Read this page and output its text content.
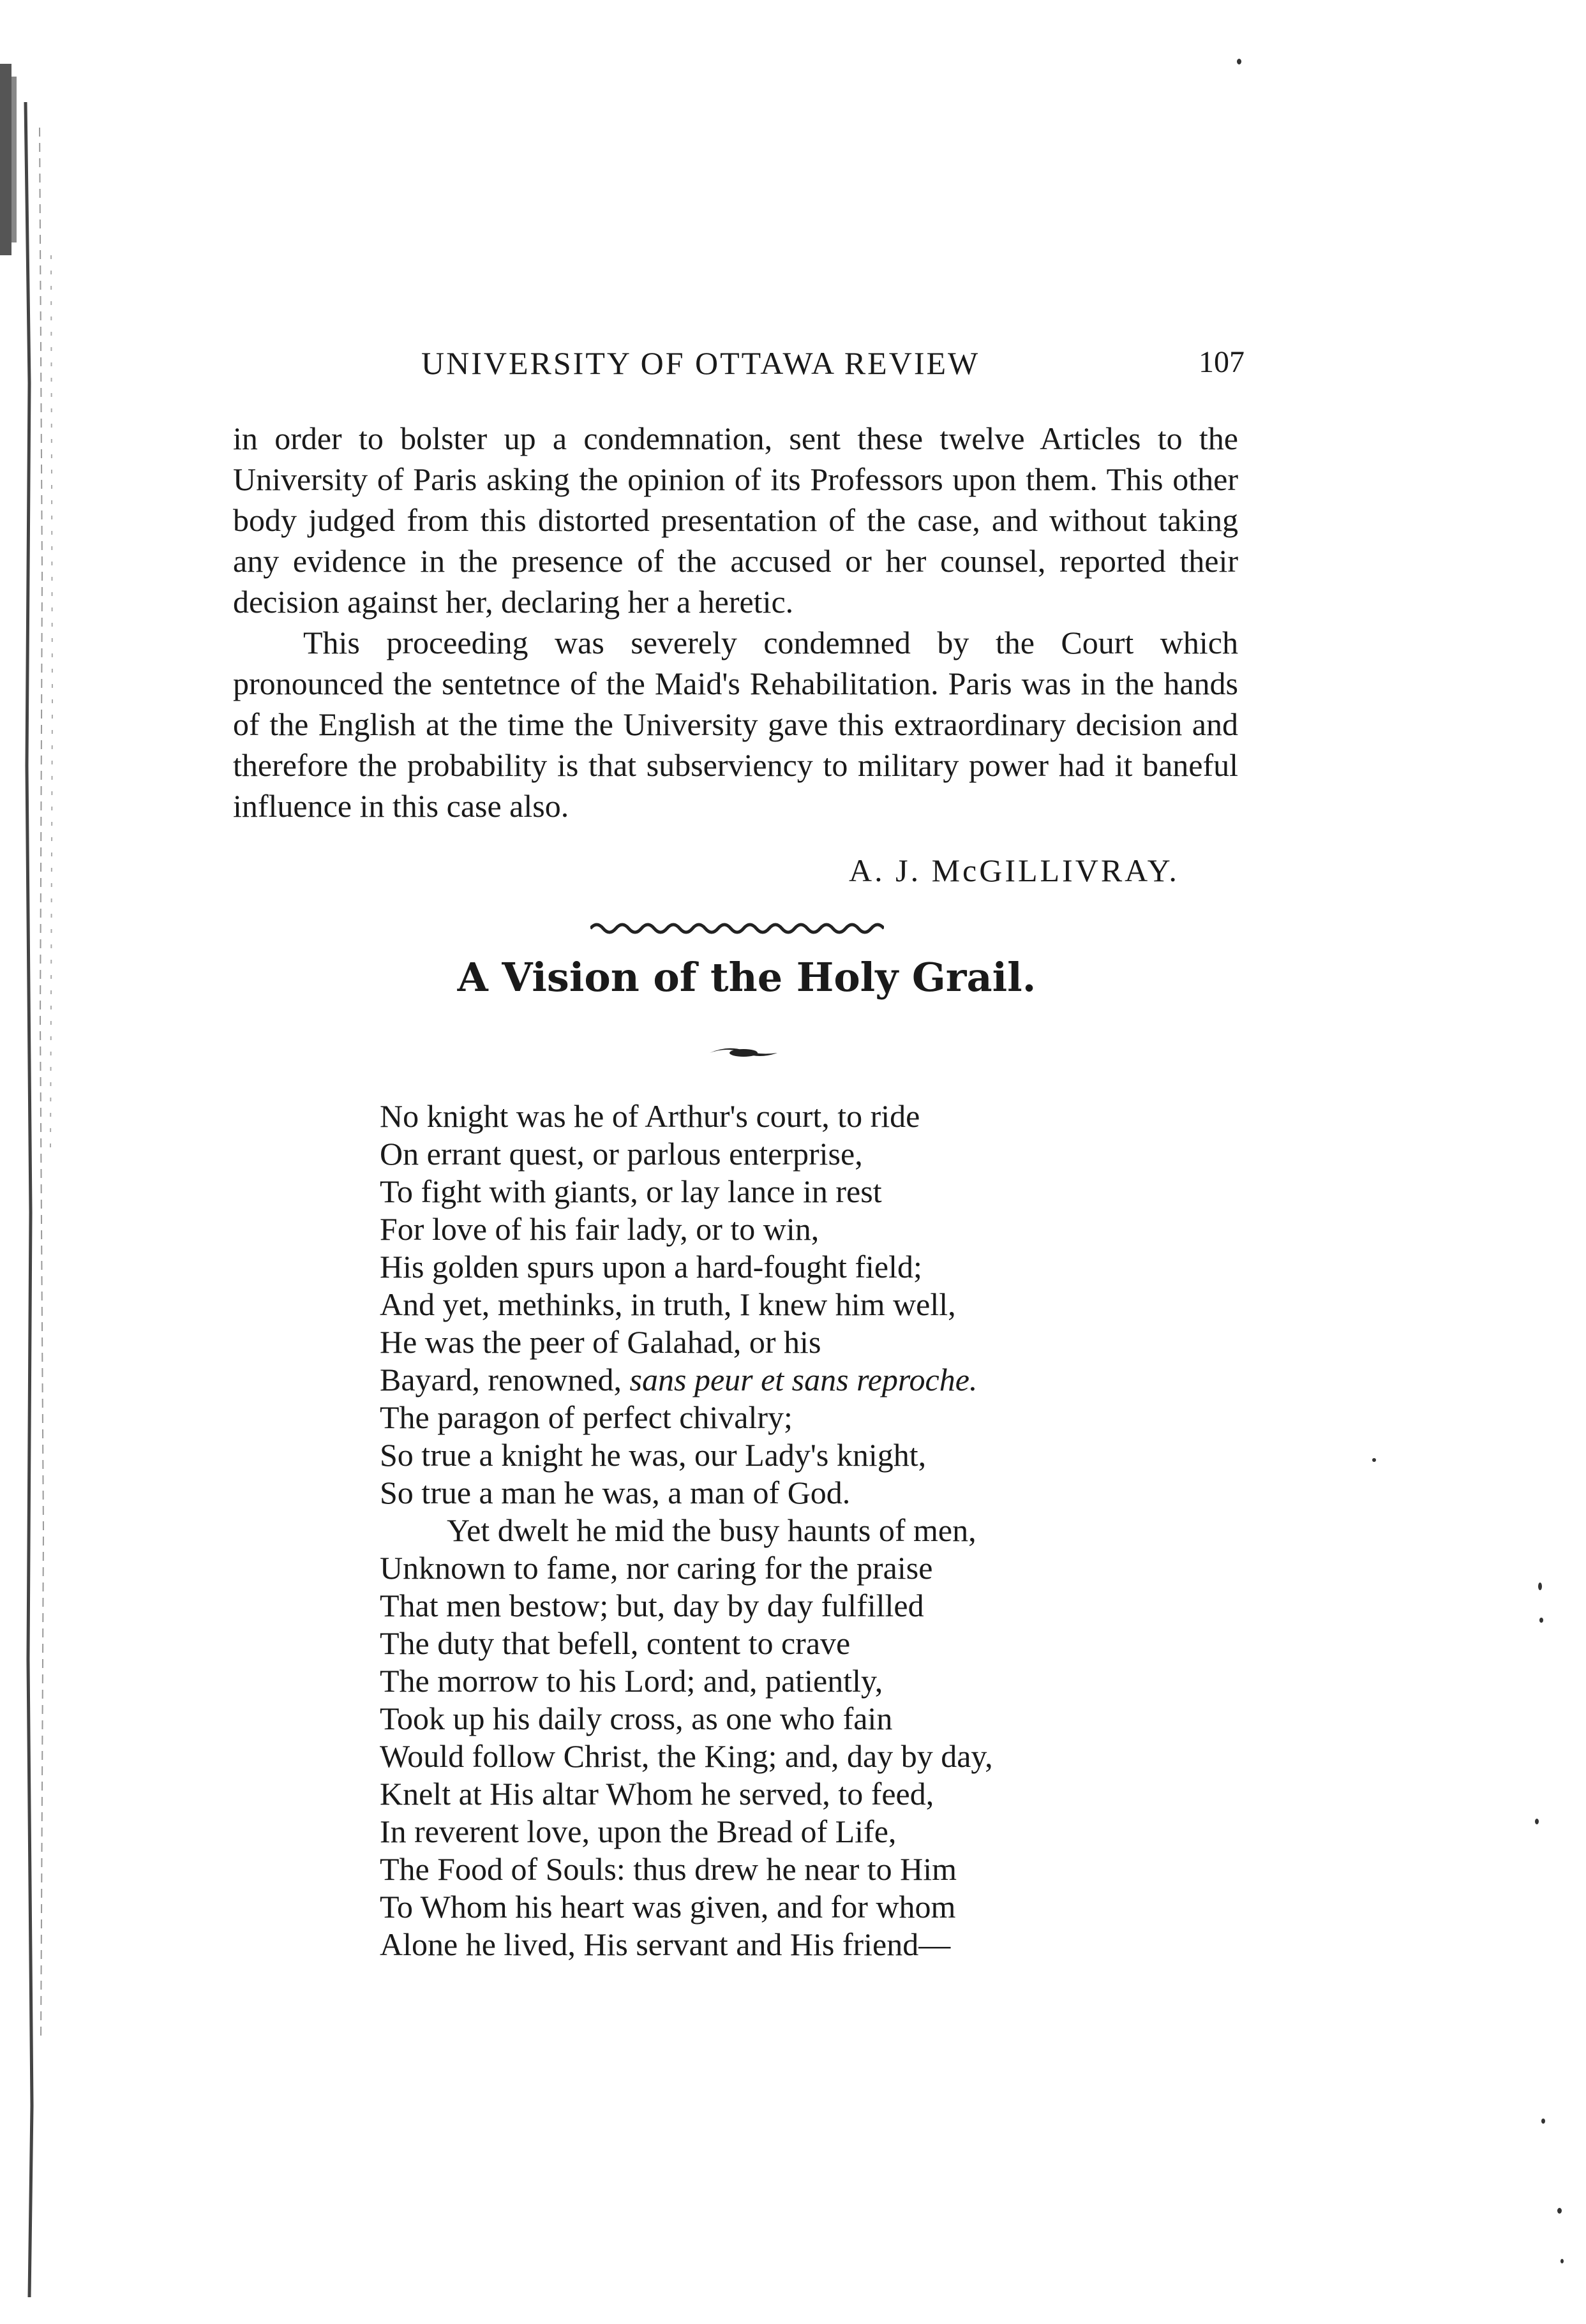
UNIVERSITY OF OTTAWA REVIEW	107

in order to bolster up a condemnation, sent these twelve Articles to the University of Paris asking the opinion of its Professors upon them. This other body judged from this distorted presentation of the case, and without taking any evidence in the presence of the accused or her counsel, reported their decision against her, declaring her a heretic.

This proceeding was severely condemned by the Court which pronounced the sentetnce of the Maid's Rehabilitation. Paris was in the hands of the English at the time the University gave this extraordinary decision and therefore the probability is that subserviency to military power had it baneful influence in this case also.

A. J. McGILLIVRAY.
A Vision of the Holy Grail.
No knight was he of Arthur's court, to ride
On errant quest, or parlous enterprise,
To fight with giants, or lay lance in rest
For love of his fair lady, or to win,
His golden spurs upon a hard-fought field;
And yet, methinks, in truth, I knew him well,
He was the peer of Galahad, or his
Bayard, renowned, sans peur et sans reproche.
The paragon of perfect chivalry;
So true a knight he was, our Lady's knight,
So true a man he was, a man of God.
Yet dwelt he mid the busy haunts of men,
Unknown to fame, nor caring for the praise
That men bestow; but, day by day fulfilled
The duty that befell, content to crave
The morrow to his Lord; and, patiently,
Took up his daily cross, as one who fain
Would follow Christ, the King; and, day by day,
Knelt at His altar Whom he served, to feed,
In reverent love, upon the Bread of Life,
The Food of Souls: thus drew he near to Him
To Whom his heart was given, and for whom
Alone he lived, His servant and His friend—
